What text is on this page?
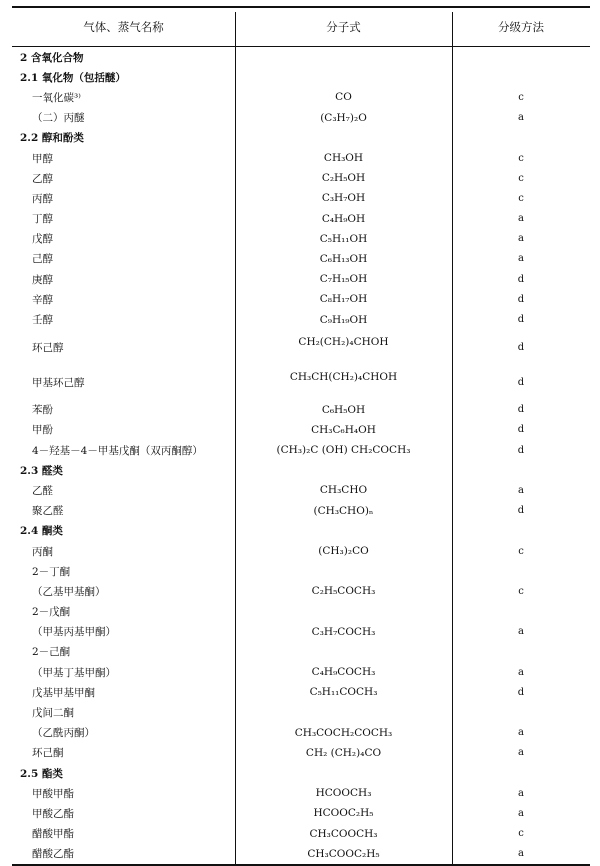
气体、蒸气名称	分子式	分级方法
2 含氧化合物
2.1 氧化物（包括醚）
一氧化碳³⁾	CO	c
（二）丙醚	(C₃H₇)₂O	a
2.2 醇和酚类
甲醇	CH₃OH	c
乙醇	C₂H₅OH	c
丙醇	C₃H₇OH	c
丁醇	C₄H₉OH	a
戊醇	C₅H₁₁OH	a
己醇	C₆H₁₃OH	a
庚醇	C₇H₁₅OH	d
辛醇	C₈H₁₇OH	d
壬醇	C₉H₁₉OH	d
环己醇	CH₂(CH₂)₄CHOH	d
甲基环己醇	CH₃CH(CH₂)₄CHOH	d
苯酚	C₆H₅OH	d
甲酚	CH₃C₆H₄OH	d
4－羟基－4－甲基戊酮（双丙酮醇）	(CH₃)₂C (OH) CH₂COCH₃	d
2.3 醛类
乙醛	CH₃CHO	a
聚乙醛	(CH₃CHO)ₙ	d
2.4 酮类
丙酮	(CH₃)₂CO	c
2－丁酮
（乙基甲基酮）	C₂H₅COCH₃	c
2－戊酮
（甲基丙基甲酮）	C₃H₇COCH₃	a
2－己酮
（甲基丁基甲酮）	C₄H₉COCH₃	a
戊基甲基甲酮	C₅H₁₁COCH₃	d
戊间二酮
（乙酰丙酮）	CH₃COCH₂COCH₃	a
环己酮	CH₂ (CH₂)₄CO	a
2.5 酯类
甲酸甲酯	HCOOCH₃	a
甲酸乙酯	HCOOC₂H₅	a
醋酸甲酯	CH₃COOCH₃	c
醋酸乙酯	CH₃COOC₂H₅	a
